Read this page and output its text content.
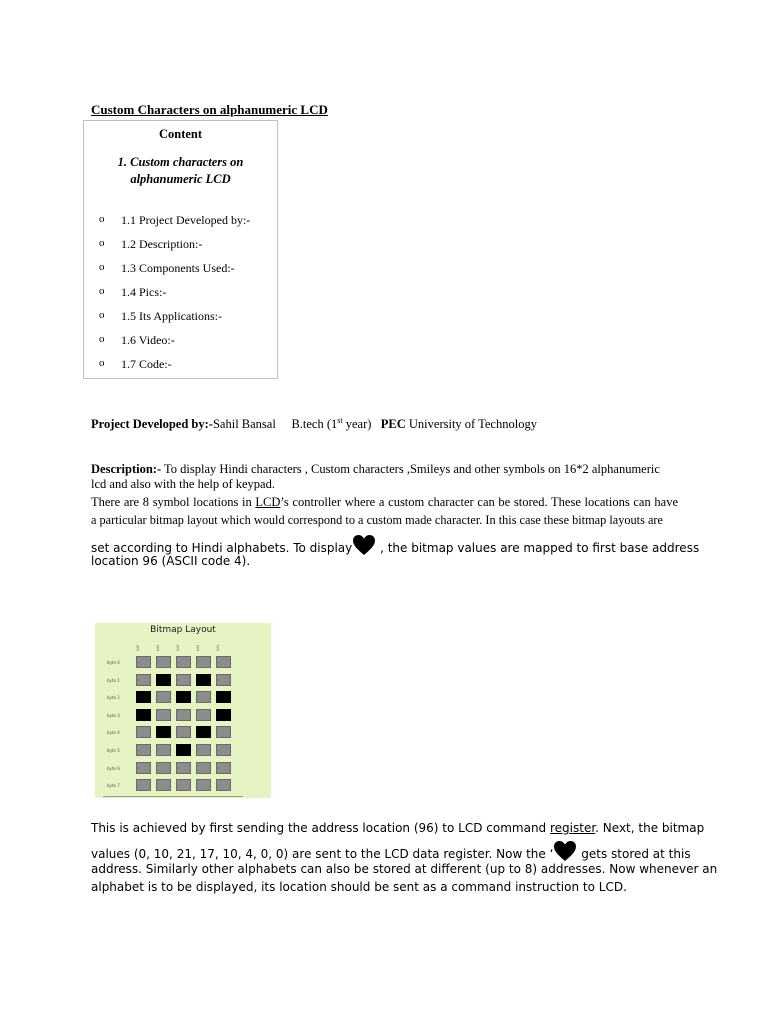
Custom Characters on alphanumeric LCD
Content
1. Custom characters on alphanumeric LCD
o 1.1 Project Developed by:-
o 1.2 Description:-
o 1.3 Components Used:-
o 1.4 Pics:-
o 1.5 Its Applications:-
o 1.6 Video:-
o 1.7 Code:-
Project Developed by:-Sahil Bansal B.tech (1st year) PEC University of Technology
Description:- To display Hindi characters , Custom characters ,Smileys and other symbols on 16*2 alphanumeric
lcd and also with the help of keypad.
There are 8 symbol locations in LCD’s controller where a custom character can be stored. These locations can have
a particular bitmap layout which would correspond to a custom made character. In this case these bitmap layouts are
set according to Hindi alphabets. To display , the bitmap values are mapped to first base address
location 96 (ASCII code 4).
Bitmap Layout
bit5	bit4	bit3	bit2	bit1
byte 0
byte 1
byte 2
byte 3
byte 4
byte 5
byte 6
byte 7
This is achieved by first sending the address location (96) to LCD command register. Next, the bitmap
values (0, 10, 21, 17, 10, 4, 0, 0) are sent to the LCD data register. Now the ‘ gets stored at this
address. Similarly other alphabets can also be stored at different (up to 8) addresses. Now whenever an
alphabet is to be displayed, its location should be sent as a command instruction to LCD.
